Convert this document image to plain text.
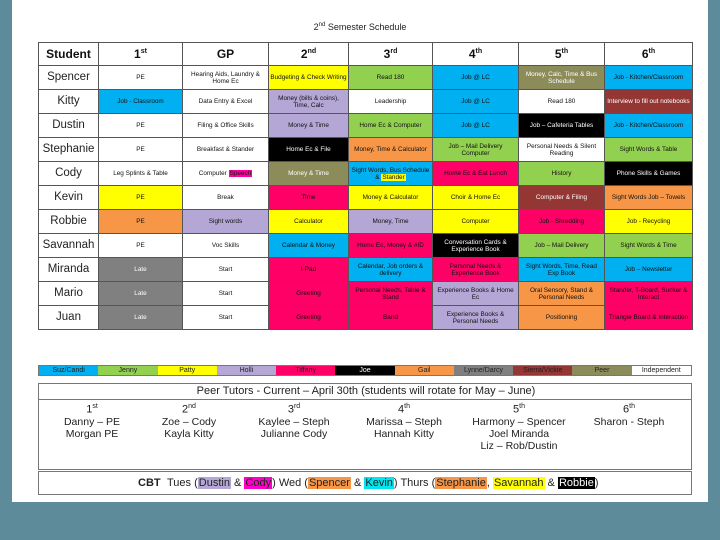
2nd Semester Schedule
Student	1st	GP	2nd	3rd	4th	5th	6th
Spencer	PE	Hearing Aids, Laundry & Home Ec	Budgeting & Check Writing	Read 180	Job @ LC	Money, Calc, Time & Bus Schedule	Job - Kitchen/Classroom
Kitty	Job - Classroom	Data Entry & Excel	Money (bills & coins), Time, Calc	Leadership	Job @ LC	Read 180	Interview to fill out notebooks
Dustin	PE	Filing & Office Skills	Money & Time	Home Ec & Computer	Job @ LC	Job – Cafeteria Tables	Job - Kitchen/Classroom
Stephanie	PE	Breakfast & Stander	Home Ec & File	Money, Time & Calculator	Job – Mail Delivery Computer	Personal Needs & Silent Reading	Sight Words & Table
Cody	Leg Splints & Table	Computer Speech	Money & Time	Sight Words, Bus Schedule & Stander	Home Ec & Eat Lunch	History	Phone Skills & Games
Kevin	PE	Break	Time	Money & Calculator	Choir & Home Ec	Computer & Filing	Sight Words Job – Towels
Robbie	PE	Sight words	Calculator	Money, Time	Computer	Job - Shredding	Job - Recycling
Savannah	PE	Voc Skills	Calendar & Money	Home Ec, Money & #ID	Conversation Cards & Experience Book	Job – Mail Delivery	Sight Words & Time
Miranda	Late	Start	I-Pad	Calendar, Job orders & delivery	Personal Needs & Experience Book	Sight Words, Time, Read Exp Book	Job – Newsletter
Mario	Late	Start	Greeting	Personal Needs, Table & Stand	Experience Books & Home Ec	Oral Sensory, Stand & Personal Needs	Stander, T-Board, Sucker & Interact
Juan	Late	Start	Greeting	Band	Experience Books & Personal Needs	Positioning	Triangle Board & Interaction
Suz/Candi	Jenny	Patty	Holli	Tiffany	Joe	Gail	Lynne/Darcy	Sierra/Vickie	Peer	Independent
Peer Tutors - Current – April 30th (students will rotate for May – June)
1st
Danny – PE
Morgan PE
2nd
Zoe – Cody
Kayla Kitty
3rd
Kaylee – Steph
Julianne Cody
4th
Marissa – Steph
Hannah Kitty
5th
Harmony – Spencer
Joel Miranda
Liz – Rob/Dustin
6th
Sharon - Steph
CBT Tues (Dustin & Cody) Wed (Spencer & Kevin) Thurs (Stephanie, Savannah & Robbie)
